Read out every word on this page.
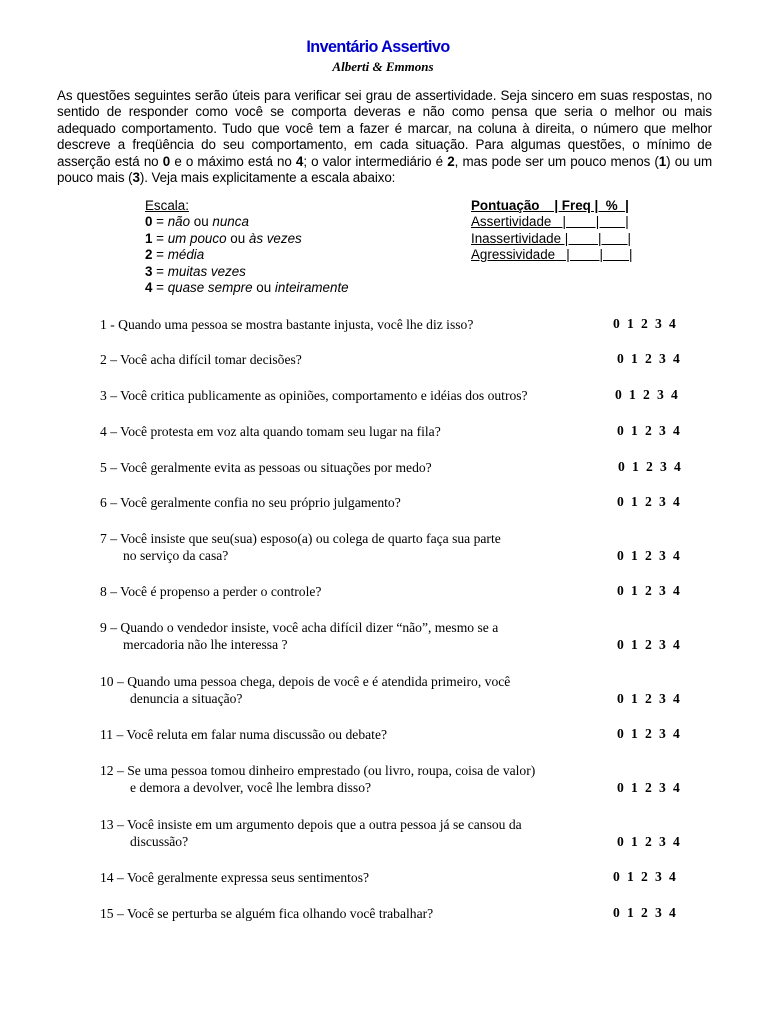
Inventário Assertivo
Alberti & Emmons
As questões seguintes serão úteis para verificar sei grau de assertividade. Seja sincero em suas respostas, no sentido de responder como você se comporta deveras e não como pensa que seria o melhor ou mais adequado comportamento. Tudo que você tem a fazer é marcar, na coluna à direita, o número que melhor descreve a freqüência do seu comportamento, em cada situação. Para algumas questões, o mínimo de asserção está no 0 e o máximo está no 4; o valor intermediário é 2, mas pode ser um pouco menos (1) ou um pouco mais (3). Veja mais explicitamente a escala abaixo:
Escala:
0 = não ou nunca
1 = um pouco ou às vezes
2 = média
3 = muitas vezes
4 = quase sempre ou inteiramente
Pontuação    | Freq |  %  |
Assertividade   |        |       |
Inassertividade |        |       |
Agressividade   |        |       |
1 - Quando uma pessoa se mostra bastante injusta, você lhe diz isso?	0 1 2 3 4
2 – Você acha difícil tomar decisões?	0 1 2 3 4
3 – Você critica publicamente as opiniões, comportamento e idéias dos outros?	0 1 2 3 4
4 – Você protesta em voz alta quando tomam seu lugar na fila?	0 1 2 3 4
5 – Você geralmente evita as pessoas ou situações por medo?	0 1 2 3 4
6 – Você geralmente confia no seu próprio julgamento?	0 1 2 3 4
7 – Você insiste que seu(sua) esposo(a) ou colega de quarto faça sua parte
no serviço da casa?	0 1 2 3 4
8 – Você é propenso a perder o controle?	0 1 2 3 4
9 – Quando o vendedor insiste, você acha difícil dizer “não”, mesmo se a
mercadoria não lhe interessa ?	0 1 2 3 4
10 – Quando uma pessoa chega, depois de você e é atendida primeiro, você
denuncia a situação?	0 1 2 3 4
11 – Você reluta em falar numa discussão ou debate?	0 1 2 3 4
12 – Se uma pessoa tomou dinheiro emprestado (ou livro, roupa, coisa de valor)
e demora a devolver, você lhe lembra disso?	0 1 2 3 4
13 – Você insiste em um argumento depois que a outra pessoa já se cansou da
discussão?	0 1 2 3 4
14 – Você geralmente expressa seus sentimentos?	0 1 2 3 4
15 – Você se perturba se alguém fica olhando você trabalhar?	0 1 2 3 4
